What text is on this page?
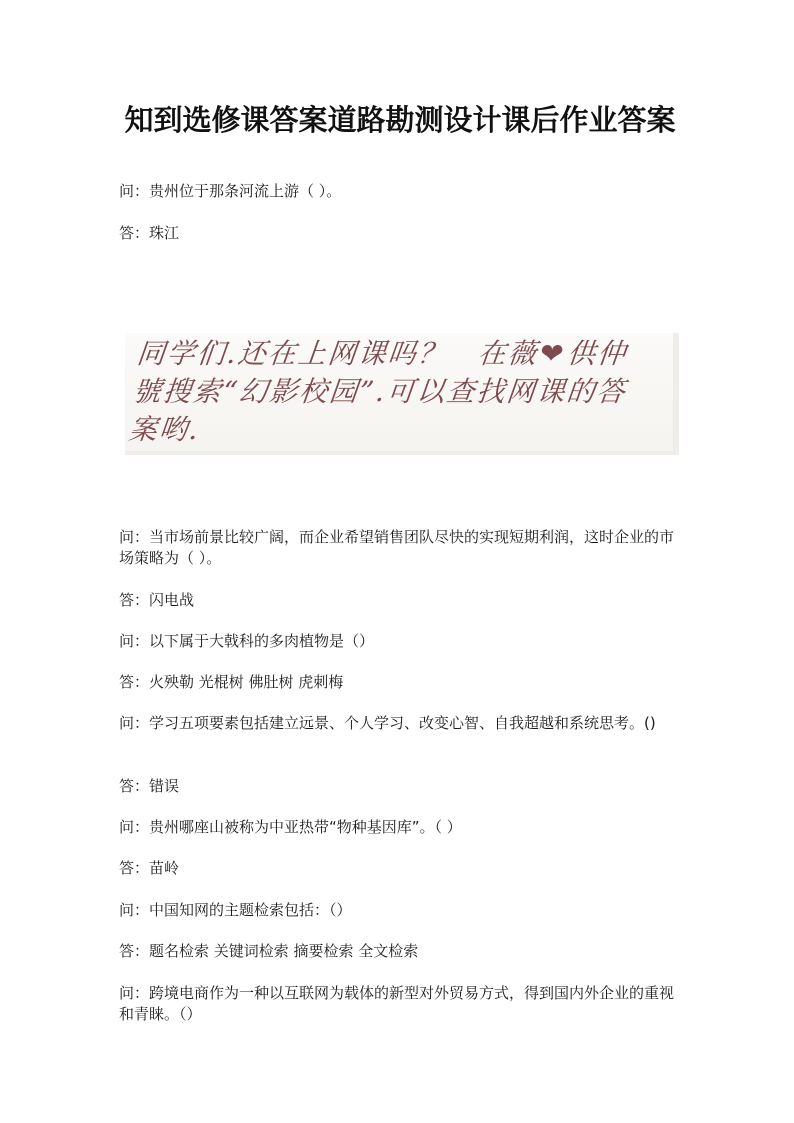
知到选修课答案道路勘测设计课后作业答案
问：贵州位于那条河流上游（ ）。
答：珠江
同学们.还在上网课吗？　在薇❤供仲
號搜索“幻影校园”.可以查找网课的答
案哟.
问：当市场前景比较广阔，而企业希望销售团队尽快的实现短期利润，这时企业的市场策略为（ ）。
答：闪电战
问：以下属于大戟科的多肉植物是（）
答：火殃勒 光棍树 佛肚树 虎刺梅
问：学习五项要素包括建立远景、个人学习、改变心智、自我超越和系统思考。()
答：错误
问：贵州哪座山被称为中亚热带“物种基因库”。（ ）
答：苗岭
问：中国知网的主题检索包括：（）
答：题名检索 关键词检索 摘要检索 全文检索
问：跨境电商作为一种以互联网为载体的新型对外贸易方式，得到国内外企业的重视和青睐。（）
